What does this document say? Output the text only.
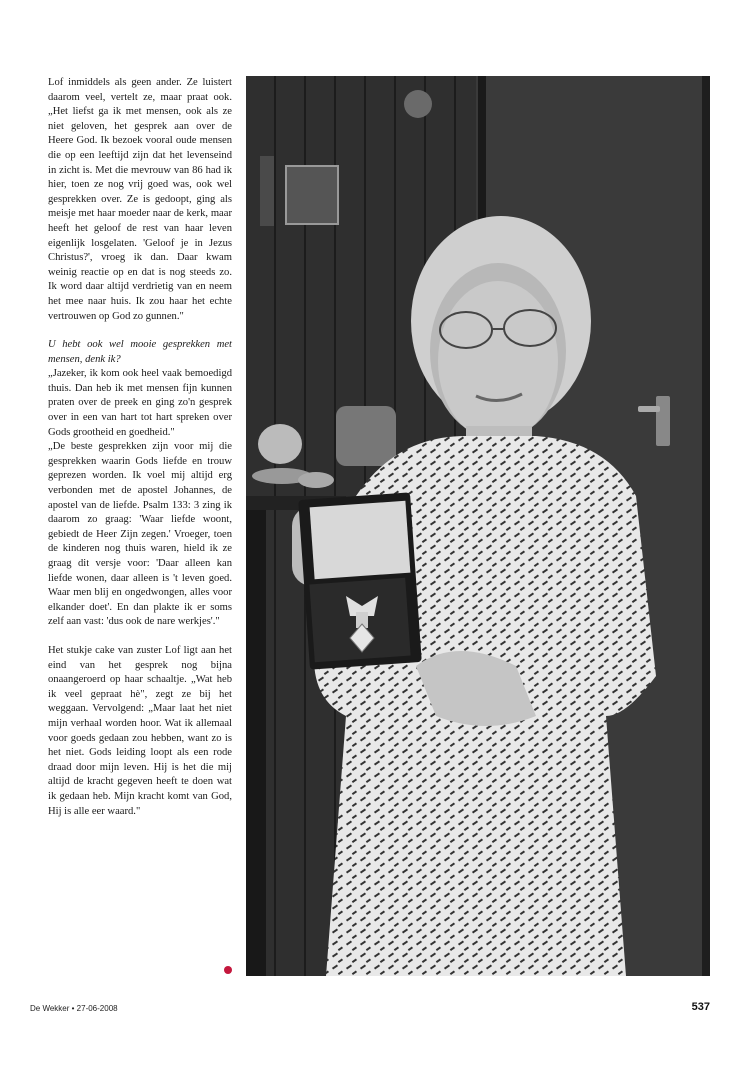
Lof inmiddels als geen ander. Ze luistert daarom veel, vertelt ze, maar praat ook. „Het liefst ga ik met mensen, ook als ze niet geloven, het gesprek aan over de Heere God. Ik bezoek vooral oude mensen die op een leeftijd zijn dat het levenseind in zicht is. Met die mevrouw van 86 had ik hier, toen ze nog vrij goed was, ook wel gesprekken over. Ze is gedoopt, ging als meisje met haar moeder naar de kerk, maar heeft het geloof de rest van haar leven eigenlijk losgelaten. 'Geloof je in Jezus Christus?', vroeg ik dan. Daar kwam weinig reactie op en dat is nog steeds zo. Ik word daar altijd verdrietig van en neem het mee naar huis. Ik zou haar het echte vertrouwen op God zo gunnen."

U hebt ook wel mooie gesprekken met mensen, denk ik?

„Jazeker, ik kom ook heel vaak bemoedigd thuis. Dan heb ik met mensen fijn kunnen praten over de preek en ging zo'n gesprek over in een van hart tot hart spreken over Gods grootheid en goedheid."

„De beste gesprekken zijn voor mij die gesprekken waarin Gods liefde en trouw geprezen worden. Ik voel mij altijd erg verbonden met de apostel Johannes, de apostel van de liefde. Psalm 133: 3 zing ik daarom zo graag: 'Waar liefde woont, gebiedt de Heer Zijn zegen.' Vroeger, toen de kinderen nog thuis waren, hield ik ze graag dit versje voor: 'Daar alleen kan liefde wonen, daar alleen is 't leven goed. Waar men blij en ongedwongen, alles voor elkander doet'. En dan plakte ik er soms zelf aan vast: 'dus ook de nare werkjes'."

Het stukje cake van zuster Lof ligt aan het eind van het gesprek nog bijna onaangeroerd op haar schaaltje. „Wat heb ik veel gepraat hè", zegt ze bij het weggaan. Vervolgend: „Maar laat het niet mijn verhaal worden hoor. Wat ik allemaal voor goeds gedaan zou hebben, want zo is het niet. Gods leiding loopt als een rode draad door mijn leven. Hij is het die mij altijd de kracht gegeven heeft te doen wat ik gedaan heb. Mijn kracht komt van God, Hij is alle eer waard."

De Wekker • 27-06-2008	537
